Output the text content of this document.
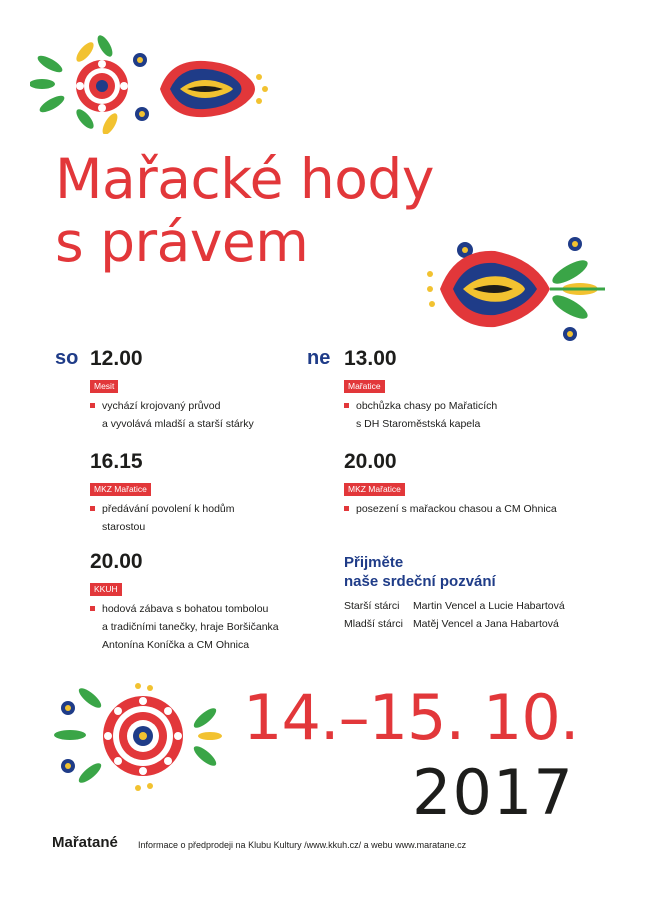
Mařacké hody
s právem
so 12.00
Mesit
vychází krojovaný průvod
a vyvolává mladší a starší stárky
16.15
MKZ Mařatice
předávání povolení k hodům
starostou
20.00
KKUH
hodová zábava s bohatou tombolou
a tradičními tanečky, hraje Boršičanka
Antonína Koníčka a CM Ohnica
ne 13.00
Mařatice
obchůzka chasy po Mařaticích
s DH Staroměstská kapela
20.00
MKZ Mařatice
posezení s mařackou chasou a CM Ohnica
Přijměte
naše srdeční pozvání
Starší stárci	Martin Vencel a Lucie Habartová
Mladší stárci	Matěj Vencel a Jana Habartová
14.–15. 10.
2017
Mařatané Informace o předprodeji na Klubu Kultury /www.kkuh.cz/ a webu www.maratane.cz
